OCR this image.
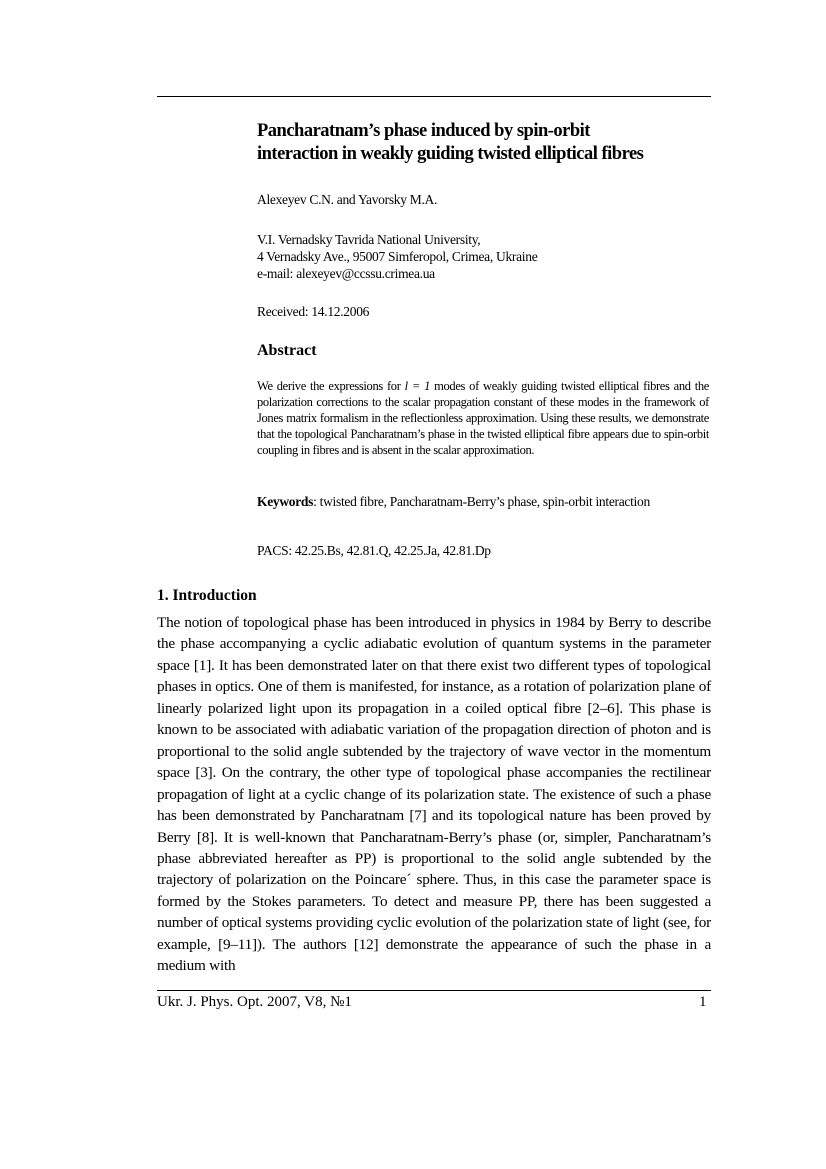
Pancharatnam’s phase induced by spin-orbit
interaction in weakly guiding twisted elliptical fibres
Alexeyev C.N. and Yavorsky M.A.
V.I. Vernadsky Tavrida National University,
4 Vernadsky Ave., 95007 Simferopol, Crimea, Ukraine
e-mail: alexeyev@ccssu.crimea.ua
Received: 14.12.2006
Abstract

We derive the expressions for l = 1 modes of weakly guiding twisted elliptical fibres and the polarization corrections to the scalar propagation constant of these modes in the framework of Jones matrix formalism in the reflectionless approximation. Using these results, we demonstrate that the topological Pancharatnam’s phase in the twisted elliptical fibre appears due to spin-orbit coupling in fibres and is absent in the scalar approximation.

Keywords: twisted fibre, Pancharatnam-Berry’s phase, spin-orbit interaction
PACS: 42.25.Bs, 42.81.Q, 42.25.Ja, 42.81.Dp
1. Introduction

The notion of topological phase has been introduced in physics in 1984 by Berry to describe the phase accompanying a cyclic adiabatic evolution of quantum systems in the parameter space [1]. It has been demonstrated later on that there exist two different types of topological phases in optics. One of them is manifested, for instance, as a rotation of polarization plane of linearly polarized light upon its propagation in a coiled optical fibre [2–6]. This phase is known to be associated with adiabatic variation of the propagation direction of photon and is proportional to the solid angle subtended by the trajectory of wave vector in the momentum space [3]. On the contrary, the other type of topological phase accompanies the rectilinear propagation of light at a cyclic change of its polarization state. The existence of such a phase has been demonstrated by Pancharatnam [7] and its topological nature has been proved by Berry [8]. It is well-known that Pancharatnam-Berry’s phase (or, simpler, Pancharatnam’s phase abbreviated hereafter as PP) is proportional to the solid angle subtended by the trajectory of polarization on the Poincare´ sphere. Thus, in this case the parameter space is formed by the Stokes parameters. To detect and measure PP, there has been suggested a number of optical systems providing cyclic evolution of the polarization state of light (see, for example, [9–11]). The authors [12] demonstrate the appearance of such the phase in a medium with

Ukr. J. Phys. Opt. 2007, V8, №1	1
